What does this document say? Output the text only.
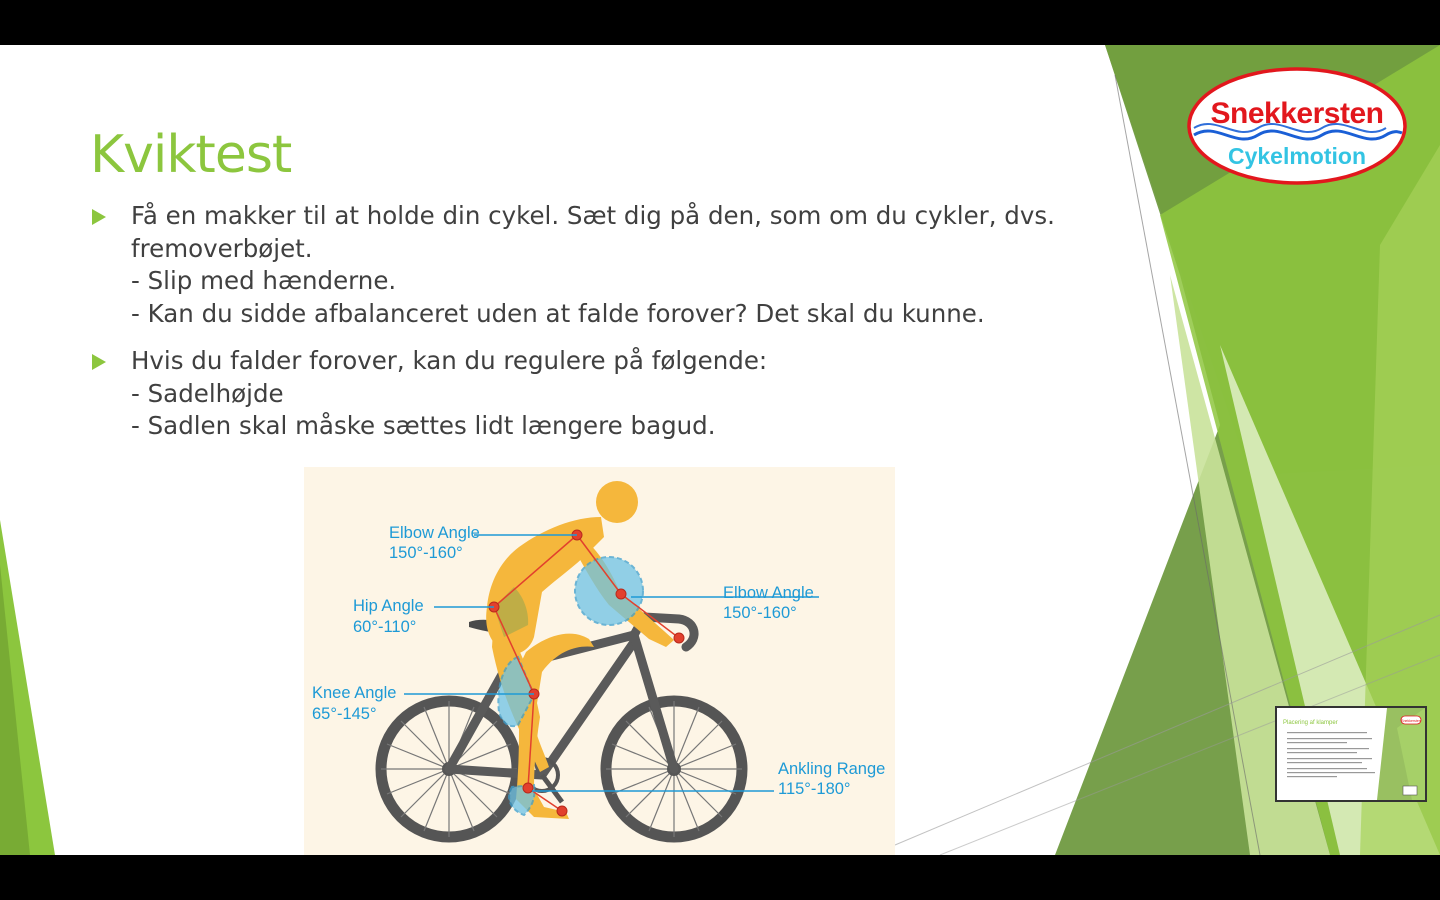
Kviktest
Få en makker til at holde din cykel. Sæt dig på den, som om du cykler, dvs.
fremoverbøjet.
- Slip med hænderne.
- Kan du sidde afbalanceret uden at falde forover? Det skal du kunne.
Hvis du falder forover, kan du regulere på følgende:
- Sadelhøjde
- Sadlen skal måske sættes lidt længere bagud.
Snekkersten
Cykelmotion
Placering af klamper	Snekkersten
Elbow Angle
150°-160°
Hip Angle
60°-110°
Elbow Angle
150°-160°
Knee Angle
65°-145°
Ankling Range
115°-180°
